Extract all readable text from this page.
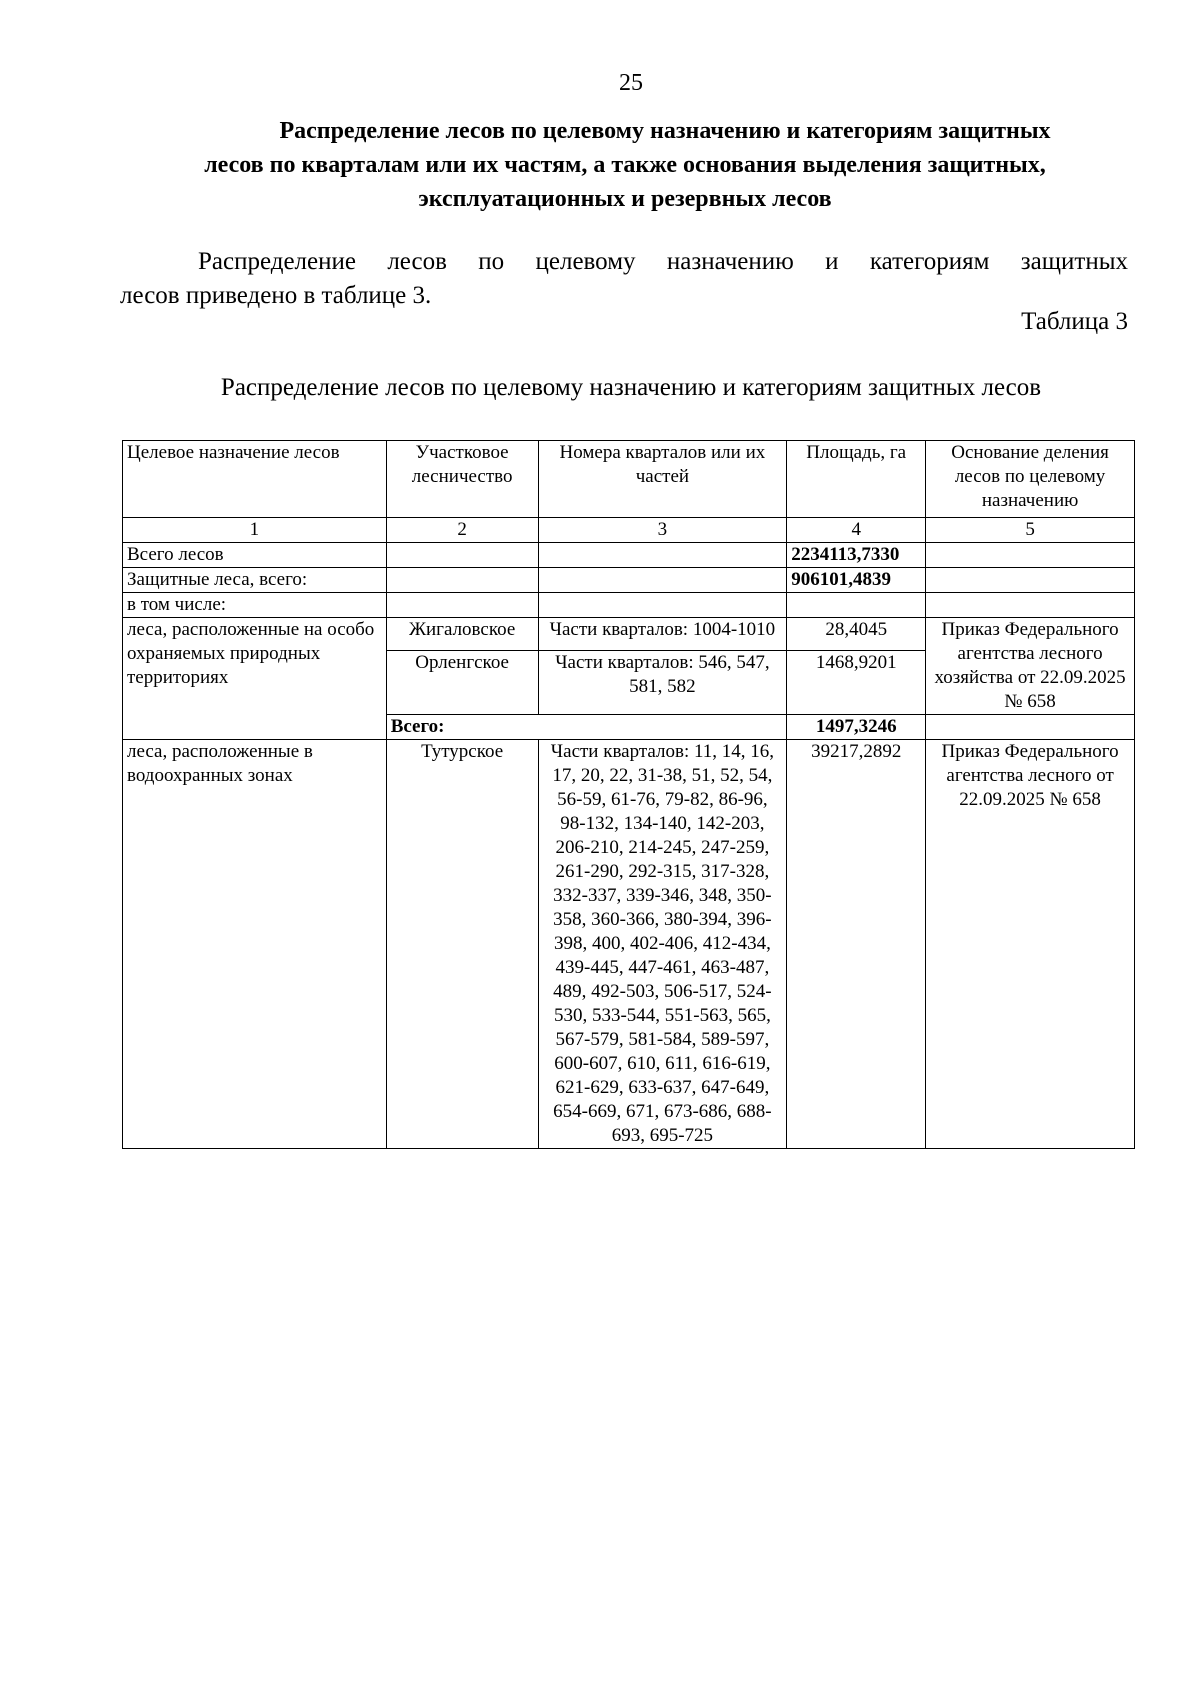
25
Распределение лесов по целевому назначению и категориям защитных
лесов по кварталам или их частям, а также основания выделения защитных,
эксплуатационных и резервных лесов
Распределение лесов по целевому назначению и категориям защитных
лесов приведено в таблице 3.
Таблица 3
Распределение лесов по целевому назначению и категориям защитных лесов
Целевое назначение лесов	Участковое лесничество	Номера кварталов или их частей	Площадь, га	Основание деления лесов по целевому назначению
1	2	3	4	5
Всего лесов			2234113,7330	
Защитные леса, всего:			906101,4839	
в том числе:				
леса, расположенные на особо охраняемых природных территориях	Жигаловское	Части кварталов: 1004-1010	28,4045	Приказ Федерального агентства лесного хозяйства от 22.09.2025 № 658
	Орленгское	Части кварталов: 546, 547, 581, 582	1468,9201	
	Всего:		1497,3246	
леса, расположенные в водоохранных зонах	Тутурское	Части кварталов: 11, 14, 16, 17, 20, 22, 31-38, 51, 52, 54, 56-59, 61-76, 79-82, 86-96, 98-132, 134-140, 142-203, 206-210, 214-245, 247-259, 261-290, 292-315, 317-328, 332-337, 339-346, 348, 350-358, 360-366, 380-394, 396-398, 400, 402-406, 412-434, 439-445, 447-461, 463-487, 489, 492-503, 506-517, 524-530, 533-544, 551-563, 565, 567-579, 581-584, 589-597, 600-607, 610, 611, 616-619, 621-629, 633-637, 647-649, 654-669, 671, 673-686, 688-693, 695-725	39217,2892	Приказ Федерального агентства лесного от 22.09.2025 № 658
